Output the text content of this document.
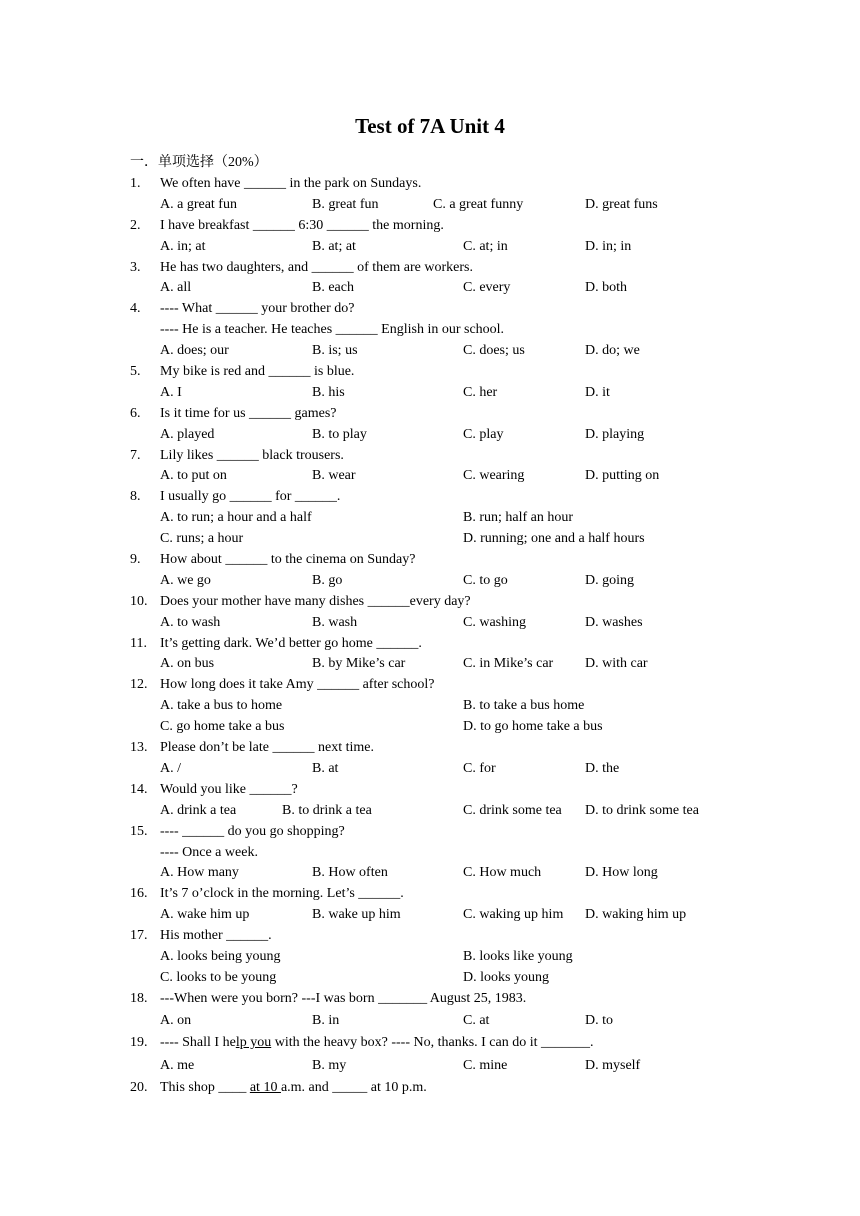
Test of 7A Unit 4
一．单项选择（20%）
1. We often have ______ in the park on Sundays.
A. a great fun	B. great fun	C. a great funny	D. great funs
2. I have breakfast ______ 6:30 ______ the morning.
A. in; at	B. at; at	C. at; in	D. in; in
3. He has two daughters, and ______ of them are workers.
A. all	B. each	C. every	D. both
4. ---- What ______ your brother do?
---- He is a teacher. He teaches ______ English in our school.
A. does; our	B. is; us	C. does; us	D. do; we
5. My bike is red and ______ is blue.
A. I	B. his	C. her	D. it
6. Is it time for us ______ games?
A. played	B. to play	C. play	D. playing
7. Lily likes ______ black trousers.
A. to put on	B. wear	C. wearing	D. putting on
8. I usually go ______ for ______.
A. to run; a hour and a half	B. run; half an hour
C. runs; a hour	D. running; one and a half hours
9. How about ______ to the cinema on Sunday?
A. we go	B. go	C. to go	D. going
10. Does your mother have many dishes ______every day?
A. to wash	B. wash	C. washing	D. washes
11. It’s getting dark. We’d better go home ______.
A. on bus	B. by Mike’s car	C. in Mike’s car D. with car
12. How long does it take Amy ______ after school?
A. take a bus to home	B. to take a bus home
C. go home take a bus	D. to go home take a bus
13. Please don’t be late ______ next time.
A. /	B. at	C. for	D. the
14. Would you like ______?
A. drink a tea	B. to drink a tea	C. drink some tea D. to drink some tea
15. ---- ______ do you go shopping?
---- Once a week.
A. How many	B. How often	C. How much	D. How long
16. It’s 7 o’clock in the morning. Let’s ______.
A. wake him up	B. wake up him	C. waking up him D. waking him up
17. His mother ______.
A. looks being young	B. looks like young
C. looks to be young	D. looks young
18. ---When were you born? ---I was born _______ August 25, 1983.
A. on	B. in	C. at	D. to
19. ---- Shall I help you with the heavy box? ---- No, thanks. I can do it _______.
A. me	B. my	C. mine	D. myself
20. This shop ____ at 10 a.m. and _____ at 10 p.m.
